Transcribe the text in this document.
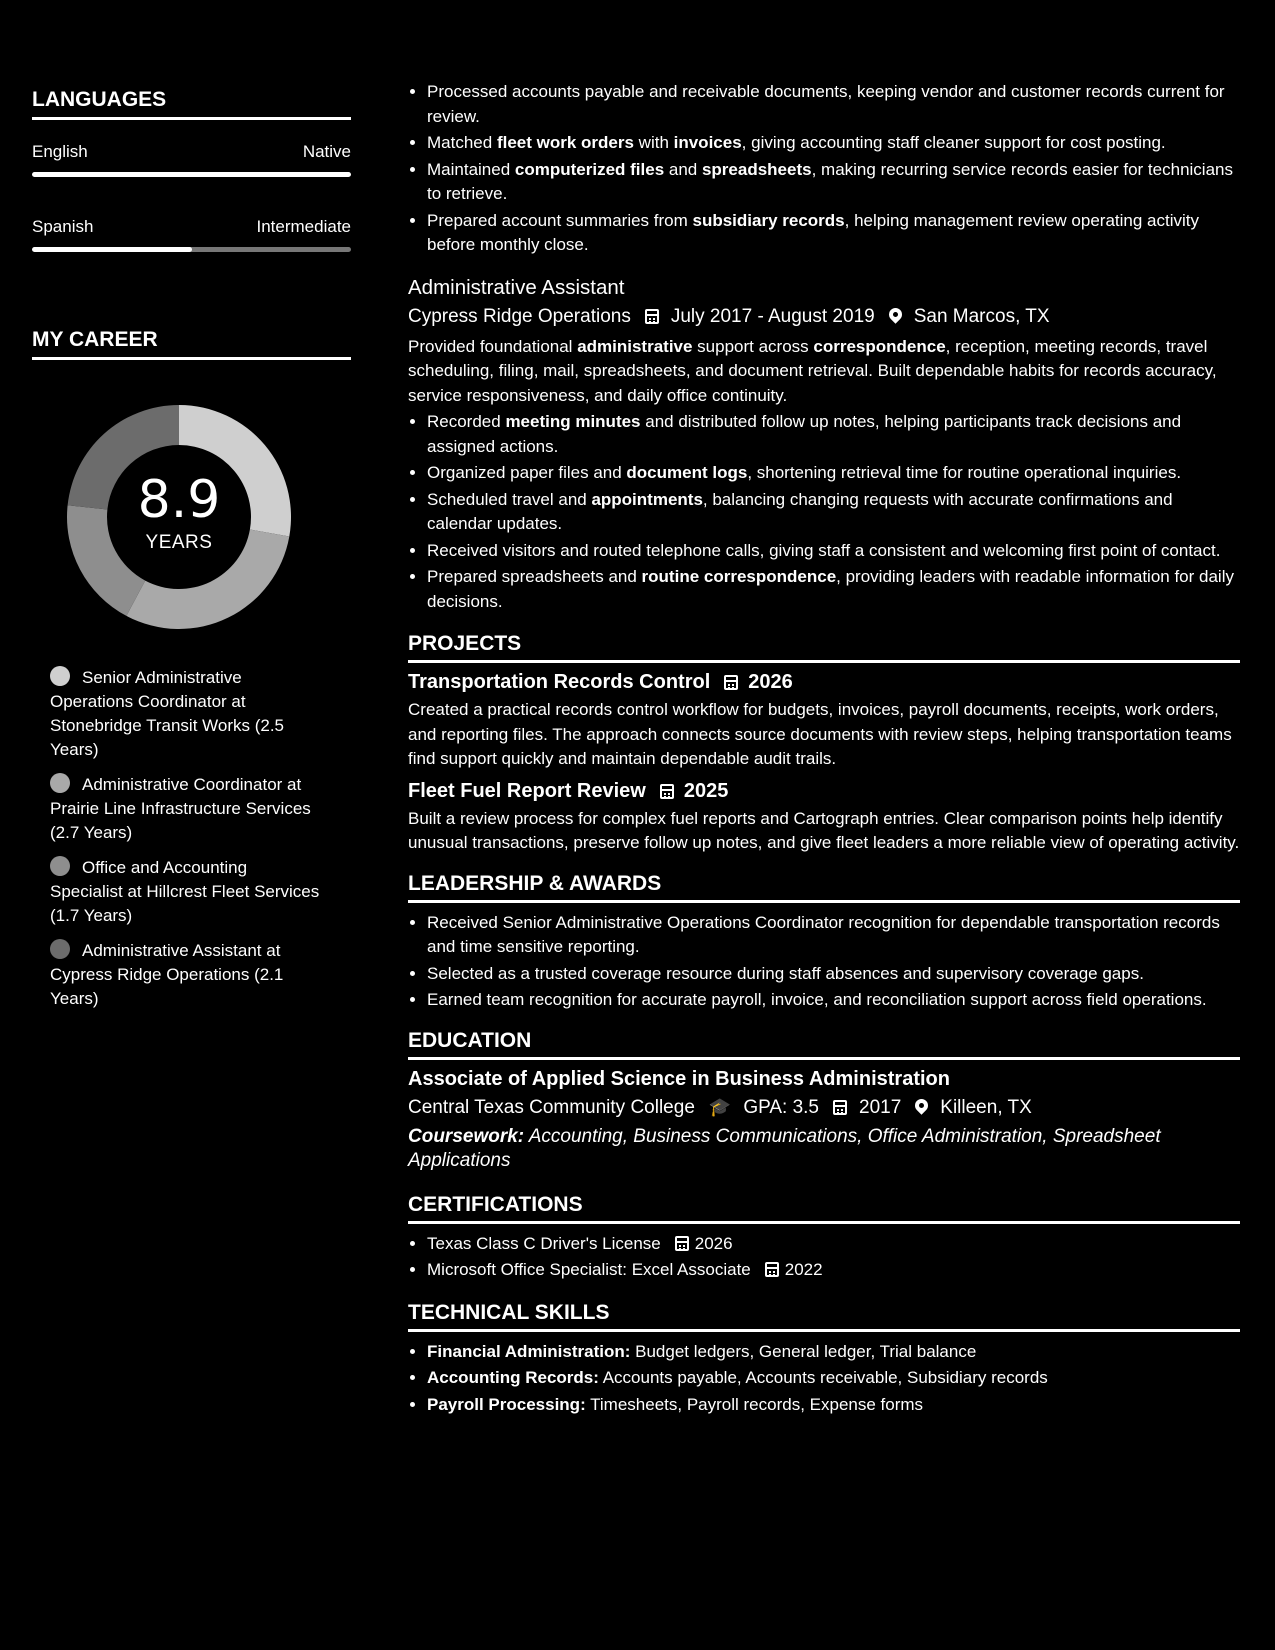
LANGUAGES
English	Native
Spanish	Intermediate
MY CAREER
8.9
YEARS
Senior Administrative Operations Coordinator at Stonebridge Transit Works (2.5 Years)
Administrative Coordinator at Prairie Line Infrastructure Services (2.7 Years)
Office and Accounting Specialist at Hillcrest Fleet Services (1.7 Years)
Administrative Assistant at Cypress Ridge Operations (2.1 Years)
• Processed accounts payable and receivable documents, keeping vendor and customer records current for review.
• Matched fleet work orders with invoices, giving accounting staff cleaner support for cost posting.
• Maintained computerized files and spreadsheets, making recurring service records easier for technicians to retrieve.
• Prepared account summaries from subsidiary records, helping management review operating activity before monthly close.
Administrative Assistant
Cypress Ridge Operations July 2017 - August 2019 San Marcos, TX
Provided foundational administrative support across correspondence, reception, meeting records, travel scheduling, filing, mail, spreadsheets, and document retrieval. Built dependable habits for records accuracy, service responsiveness, and daily office continuity.
• Recorded meeting minutes and distributed follow up notes, helping participants track decisions and assigned actions.
• Organized paper files and document logs, shortening retrieval time for routine operational inquiries.
• Scheduled travel and appointments, balancing changing requests with accurate confirmations and calendar updates.
• Received visitors and routed telephone calls, giving staff a consistent and welcoming first point of contact.
• Prepared spreadsheets and routine correspondence, providing leaders with readable information for daily decisions.
PROJECTS
Transportation Records Control 2026
Created a practical records control workflow for budgets, invoices, payroll documents, receipts, work orders, and reporting files. The approach connects source documents with review steps, helping transportation teams find support quickly and maintain dependable audit trails.
Fleet Fuel Report Review 2025
Built a review process for complex fuel reports and Cartograph entries. Clear comparison points help identify unusual transactions, preserve follow up notes, and give fleet leaders a more reliable view of operating activity.
LEADERSHIP & AWARDS
• Received Senior Administrative Operations Coordinator recognition for dependable transportation records and time sensitive reporting.
• Selected as a trusted coverage resource during staff absences and supervisory coverage gaps.
• Earned team recognition for accurate payroll, invoice, and reconciliation support across field operations.
EDUCATION
Associate of Applied Science in Business Administration
Central Texas Community College 🎓 GPA: 3.5 2017 Killeen, TX
Coursework: Accounting, Business Communications, Office Administration, Spreadsheet Applications
CERTIFICATIONS
• Texas Class C Driver's License 2026
• Microsoft Office Specialist: Excel Associate 2022
TECHNICAL SKILLS
• Financial Administration: Budget ledgers, General ledger, Trial balance
• Accounting Records: Accounts payable, Accounts receivable, Subsidiary records
• Payroll Processing: Timesheets, Payroll records, Expense forms
